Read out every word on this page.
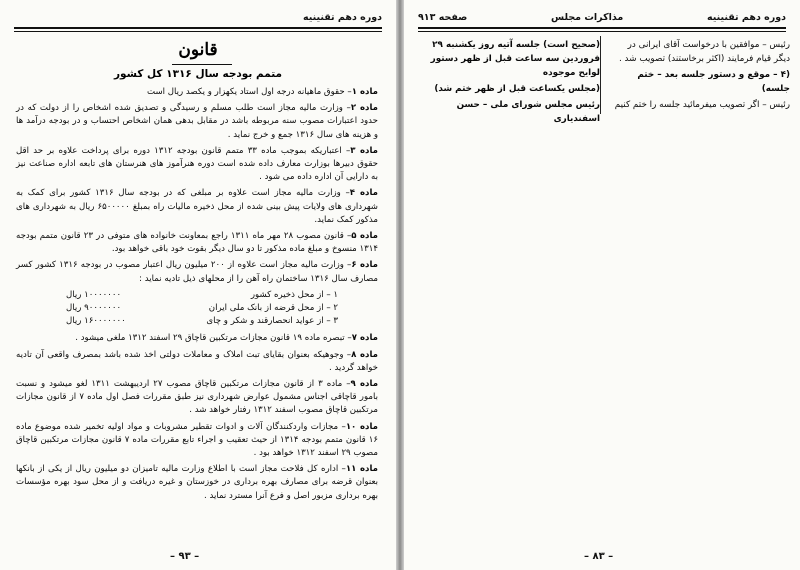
دوره دهم تقنینیه
قانون
متمم بودجه سال ۱۳۱۶ کل کشور

ماده ۱– حقوق ماهیانه درجه اول استاد یکهزار و یکصد ریال است

ماده ۲– وزارت مالیه مجاز است طلب مسلم و رسیدگی و تصدیق شده اشخاص را از دولت که در حدود اعتبارات مصوب سنه مربوطه باشد در مقابل بدهی همان اشخاص احتساب و در بودجه درآمد ها و هزینه های سال ۱۳۱۶ جمع و خرج نماید .

ماده ۳– اعتباریکه بموجب ماده ۳۳ متمم قانون بودجه ۱۳۱۲ دوره برای پرداخت علاوه بر حد اقل حقوق دبیرها بوزارت معارف داده شده است دوره هنرآموز های هنرستان های تابعه اداره صناعت نیز به دارایی آن اداره داده می شود .

ماده ۴– وزارت مالیه مجاز است علاوه بر مبلغی که در بودجه سال ۱۳۱۶ کشور برای کمک به شهرداری های ولایات پیش بینی شده از محل ذخیره مالیات راه بمبلغ ۶۵۰۰۰۰۰ ریال به شهرداری های مذکور کمک نماید.

ماده ۵– قانون مصوب ۲۸ مهر ماه ۱۳۱۱ راجع بمعاونت خانواده های متوفی در ۲۳ قانون متمم بودجه ۱۳۱۴ منسوخ و مبلغ ماده مذکور تا دو سال دیگر بقوت خود باقی خواهد بود.

ماده ۶– وزارت مالیه مجاز است علاوه از ۲۰۰ میلیون ریال اعتبار مصوب در بودجه ۱۳۱۶ کشور کسر مصارف سال ۱۳۱۶ ساختمان راه آهن را از محلهای ذیل تادیه نماید :

۱ – از محل ذخیره کشور
۱۰۰۰۰۰۰۰ ریال
۲ – از محل قرضه از بانک ملی ایران
۹۰۰۰۰۰۰۰ ریال
۳ – از عواید انحصارقند و شکر و چای
۱۶۰۰۰۰۰۰۰ ریال

ماده ۷– تبصره ماده ۱۹ قانون مجازات مرتکبین قاچاق ۲۹ اسفند ۱۳۱۲ ملغی میشود .

ماده ۸– وجوهیکه بعنوان بقایای تبت املاک و معاملات دولتی اخذ شده باشد بمصرف واقعی آن تادیه خواهد گردید .

ماده ۹– ماده ۳ از قانون مجازات مرتکبین قاچاق مصوب ۲۷ اردیبهشت ۱۳۱۱ لغو میشود و نسبت بامور قاچاقی اجناس مشمول عوارض شهرداری نیز طبق مقررات فصل اول ماده ۷ از قانون مجازات مرتکبین قاچاق مصوب اسفند ۱۳۱۲ رفتار خواهد شد .

ماده ۱۰– مجازات واردکنندگان آلات و ادوات تقطیر مشروبات و مواد اولیه تخمیر شده موضوع ماده ۱۶ قانون متمم بودجه ۱۳۱۴ از حیث تعقیب و اجراء تابع مقررات ماده ۷ قانون مجازات مرتکبین قاچاق مصوب ۲۹ اسفند ۱۳۱۲ خواهد بود .

ماده ۱۱– اداره کل فلاحت مجاز است با اطلاع وزارت مالیه تامیزان دو میلیون ریال از یکی از بانکها بعنوان قرضه برای مصارف بهره برداری در خوزستان و غیره دریافت و از محل سود بهره مؤسسات بهره برداری مزبور اصل و فرع آنرا مسترد نماید .

– ۹۳ –
دوره دهم تقنینیه
مذاکرات مجلس
صفحه ۹۱۳

رئیس – موافقین با درخواست آقای ایرانی در دیگر قیام فرمایند (اکثر برخاستند) تصویب شد .

(۴ – موقع و دستور جلسه بعد – ختم جلسه)

رئیس – اگر تصویب میفرمائید جلسه را ختم کنیم

(صحیح است) جلسه آتیه روز یکشنبه ۲۹ فروردین سه ساعت قبل از ظهر دستور لوایح موجوده

(مجلس یکساعت قبل از ظهر ختم شد)

رئیس مجلس شورای ملی – حسن اسفندیاری

– ۸۳ –
